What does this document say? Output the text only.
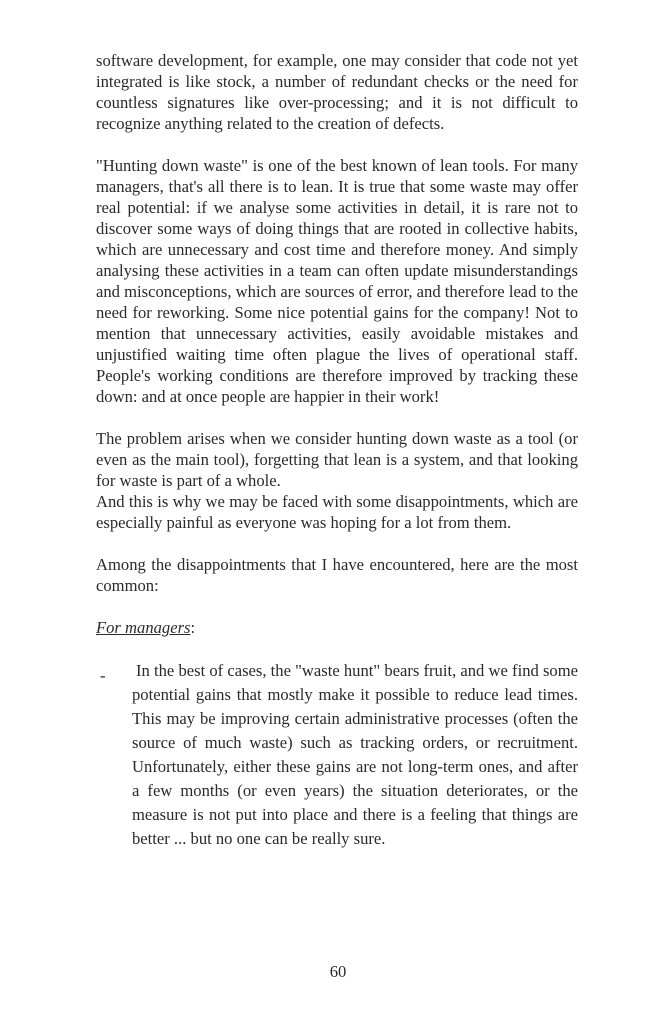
software development, for example, one may consider that code not yet integrated is like stock, a number of redundant checks or the need for countless signatures like over-processing; and it is not difficult to recognize anything related to the creation of defects.

"Hunting down waste" is one of the best known of lean tools. For many managers, that's all there is to lean. It is true that some waste may offer real potential: if we analyse some activities in detail, it is rare not to discover some ways of doing things that are rooted in collective habits, which are unnecessary and cost time and therefore money. And simply analysing these activities in a team can often update misunderstandings and misconceptions, which are sources of error, and therefore lead to the need for reworking. Some nice potential gains for the company! Not to mention that unnecessary activities, easily avoidable mistakes and unjustified waiting time often plague the lives of operational staff. People's working conditions are therefore improved by tracking these down: and at once people are happier in their work!

The problem arises when we consider hunting down waste as a tool (or even as the main tool), forgetting that lean is a system, and that looking for waste is part of a whole.

And this is why we may be faced with some disappointments, which are especially painful as everyone was hoping for a lot from them.

Among the disappointments that I have encountered, here are the most common:

For managers:

- In the best of cases, the "waste hunt" bears fruit, and we find some potential gains that mostly make it possible to reduce lead times. This may be improving certain administrative processes (often the source of much waste) such as tracking orders, or recruitment. Unfortunately, either these gains are not long-term ones, and after a few months (or even years) the situation deteriorates, or the measure is not put into place and there is a feeling that things are better ... but no one can be really sure.
60
